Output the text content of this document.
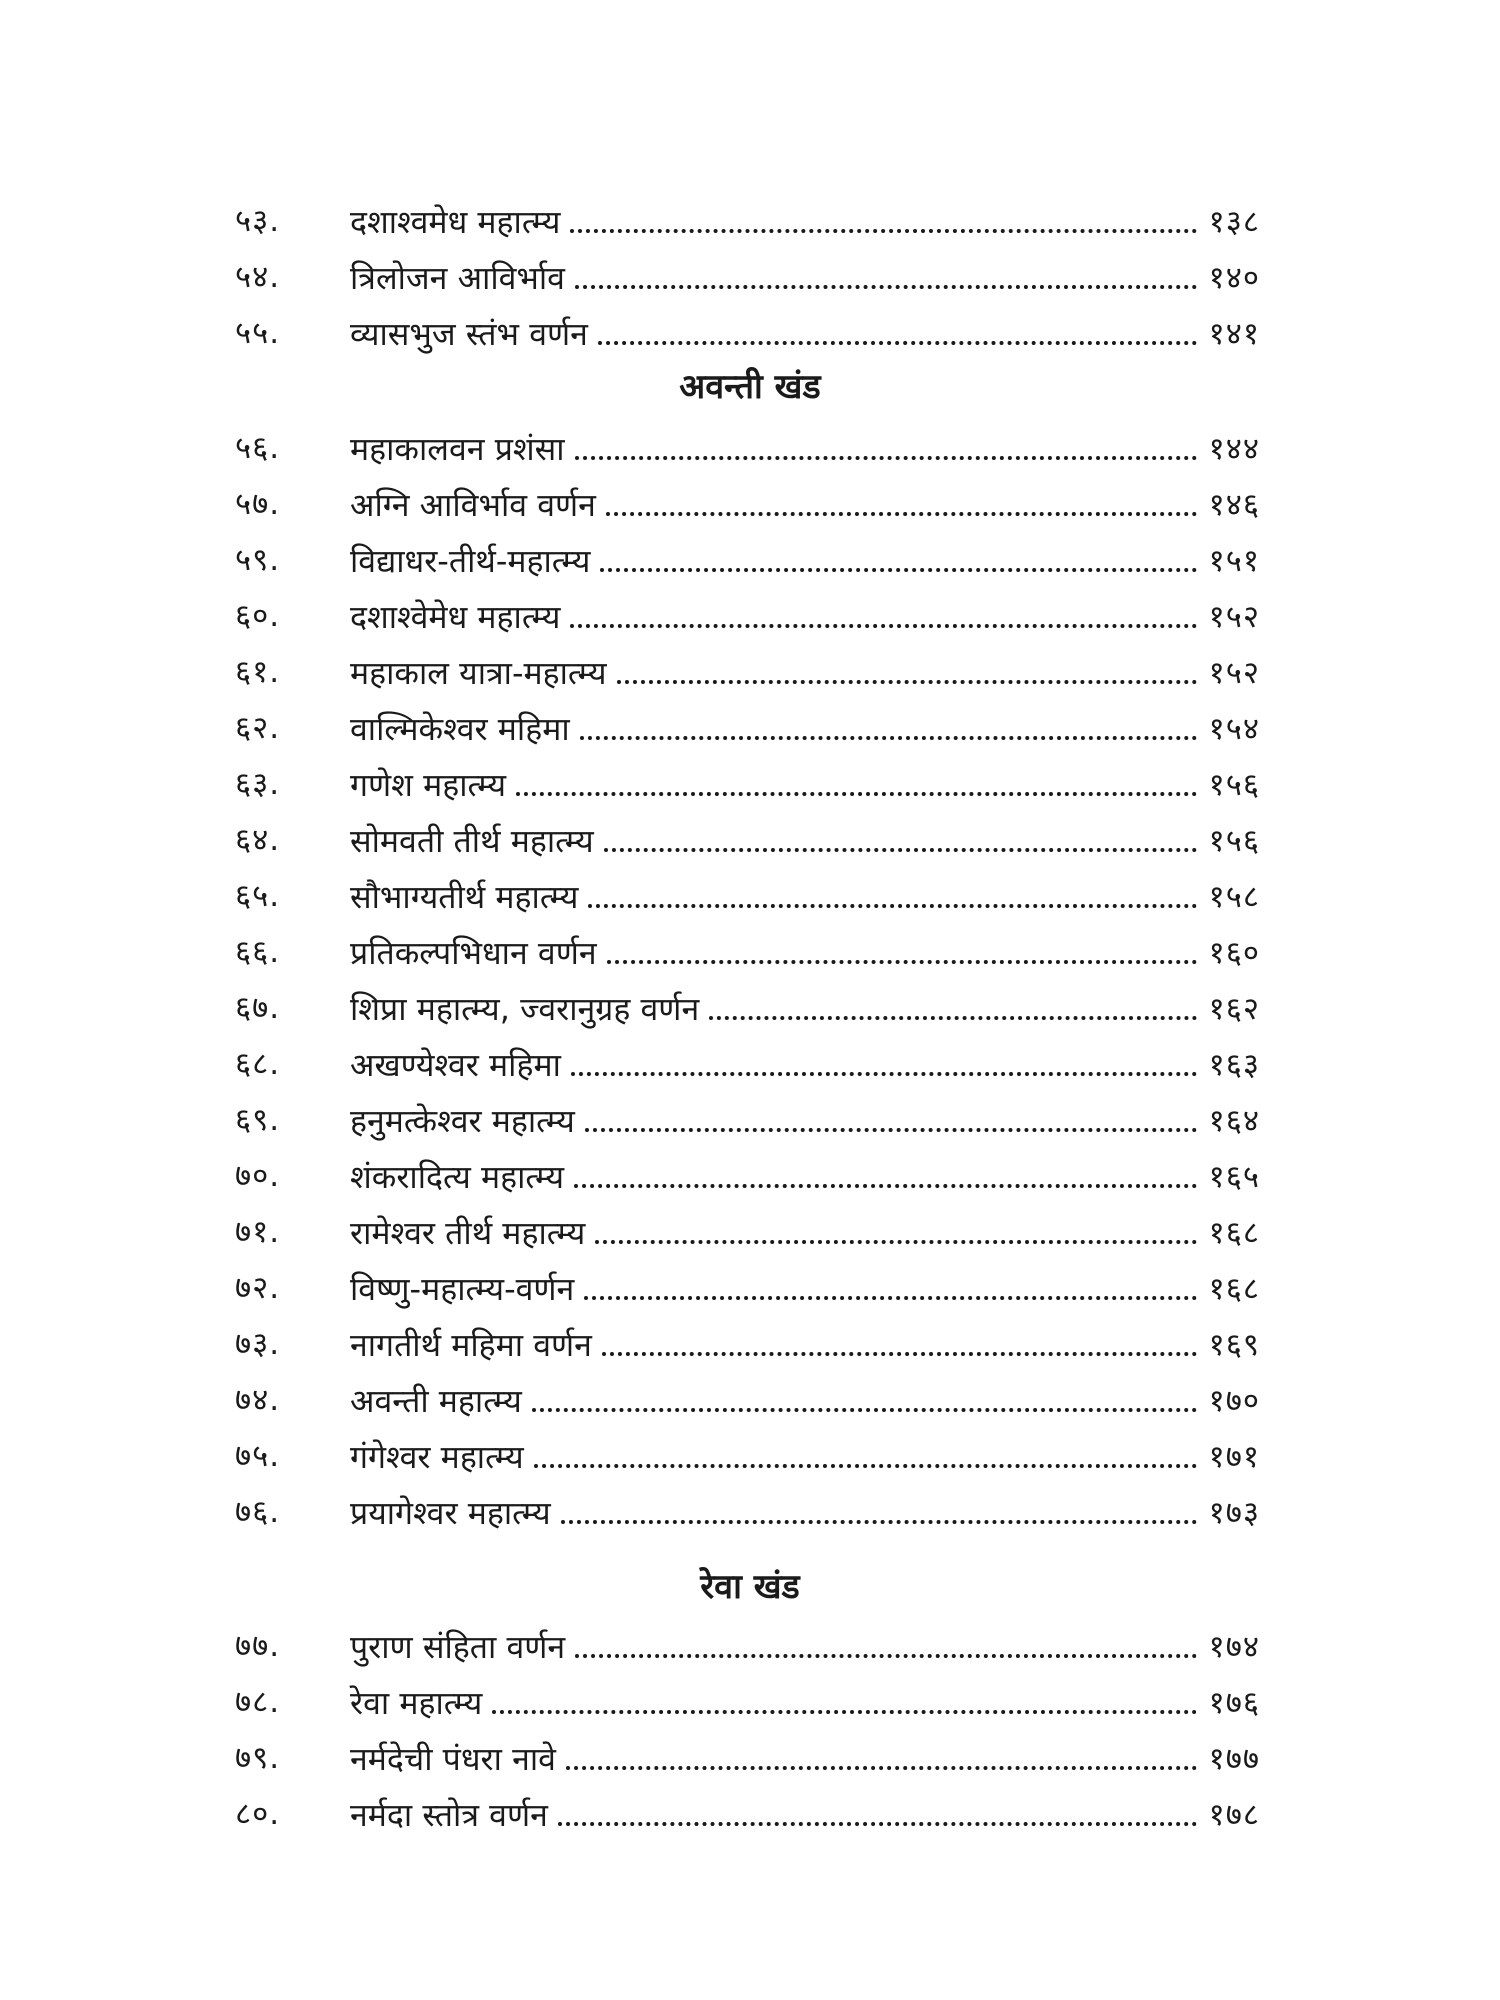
५३. दशाश्वमेध महात्म्य	१३८
५४. त्रिलोजन आविर्भाव	१४०
५५. व्यासभुज स्तंभ वर्णन	१४१
अवन्ती खंड
५६. महाकालवन प्रशंसा	१४४
५७. अग्नि आविर्भाव वर्णन	१४६
५९. विद्याधर-तीर्थ-महात्म्य	१५१
६०. दशाश्वेमेध महात्म्य	१५२
६१. महाकाल यात्रा-महात्म्य	१५२
६२. वाल्मिकेश्वर महिमा	१५४
६३. गणेश महात्म्य	१५६
६४. सोमवती तीर्थ महात्म्य	१५६
६५. सौभाग्यतीर्थ महात्म्य	१५८
६६. प्रतिकल्पभिधान वर्णन	१६०
६७. शिप्रा महात्म्य, ज्वरानुग्रह वर्णन	१६२
६८. अखण्येश्वर महिमा	१६३
६९. हनुमत्केश्वर महात्म्य	१६४
७०. शंकरादित्य महात्म्य	१६५
७१. रामेश्वर तीर्थ महात्म्य	१६८
७२. विष्णु-महात्म्य-वर्णन	१६८
७३. नागतीर्थ महिमा वर्णन	१६९
७४. अवन्ती महात्म्य	१७०
७५. गंगेश्वर महात्म्य	१७१
७६. प्रयागेश्वर महात्म्य	१७३
रेवा खंड
७७. पुराण संहिता वर्णन	१७४
७८. रेवा महात्म्य	१७६
७९. नर्मदेची पंधरा नावे	१७७
८०. नर्मदा स्तोत्र वर्णन	१७८
